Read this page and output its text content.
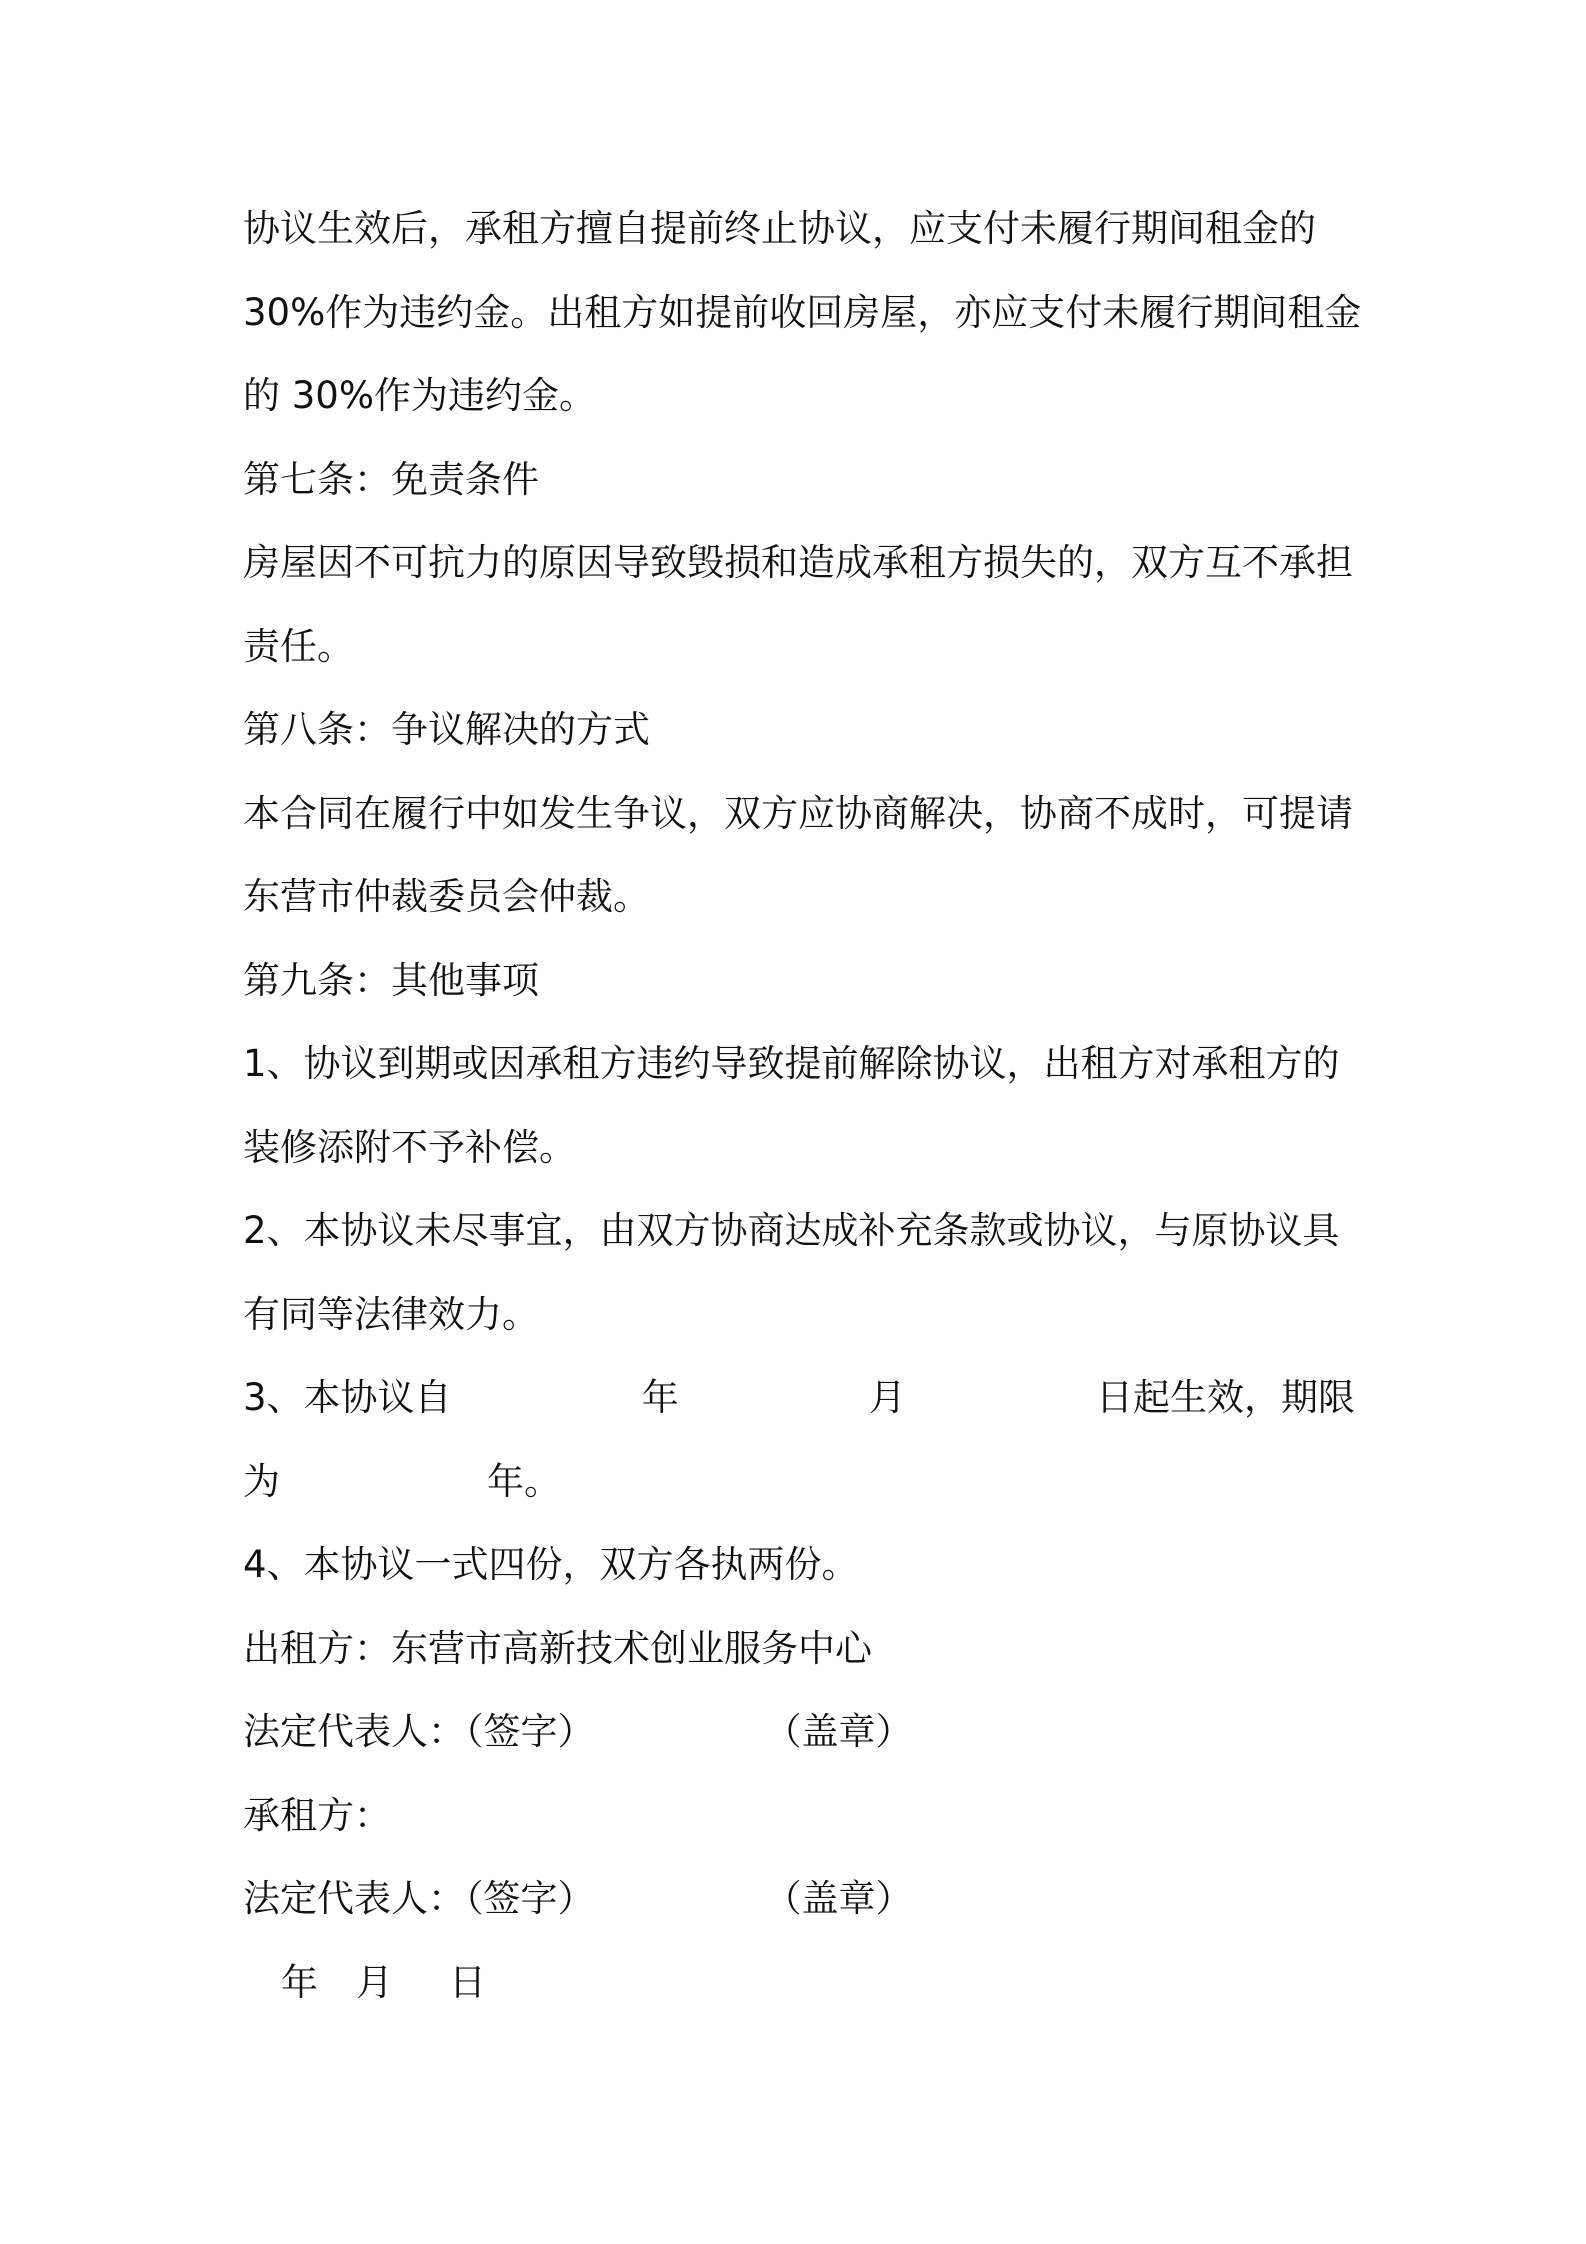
协议生效后，承租方擅自提前终止协议，应支付未履行期间租金的
30%作为违约金。出租方如提前收回房屋，亦应支付未履行期间租金
的 30%作为违约金。
第七条：免责条件
房屋因不可抗力的原因导致毁损和造成承租方损失的，双方互不承担
责任。
第八条：争议解决的方式
本合同在履行中如发生争议，双方应协商解决，协商不成时，可提请
东营市仲裁委员会仲裁。
第九条：其他事项
1、协议到期或因承租方违约导致提前解除协议，出租方对承租方的
装修添附不予补偿。
2、本协议未尽事宜，由双方协商达成补充条款或协议，与原协议具
有同等法律效力。
3、本协议自	年	月	日起生效，期限
为	年。
4、本协议一式四份，双方各执两份。
出租方：东营市高新技术创业服务中心
法定代表人：（签字）	（盖章）
承租方：
法定代表人：（签字）	（盖章）
年 月 日
